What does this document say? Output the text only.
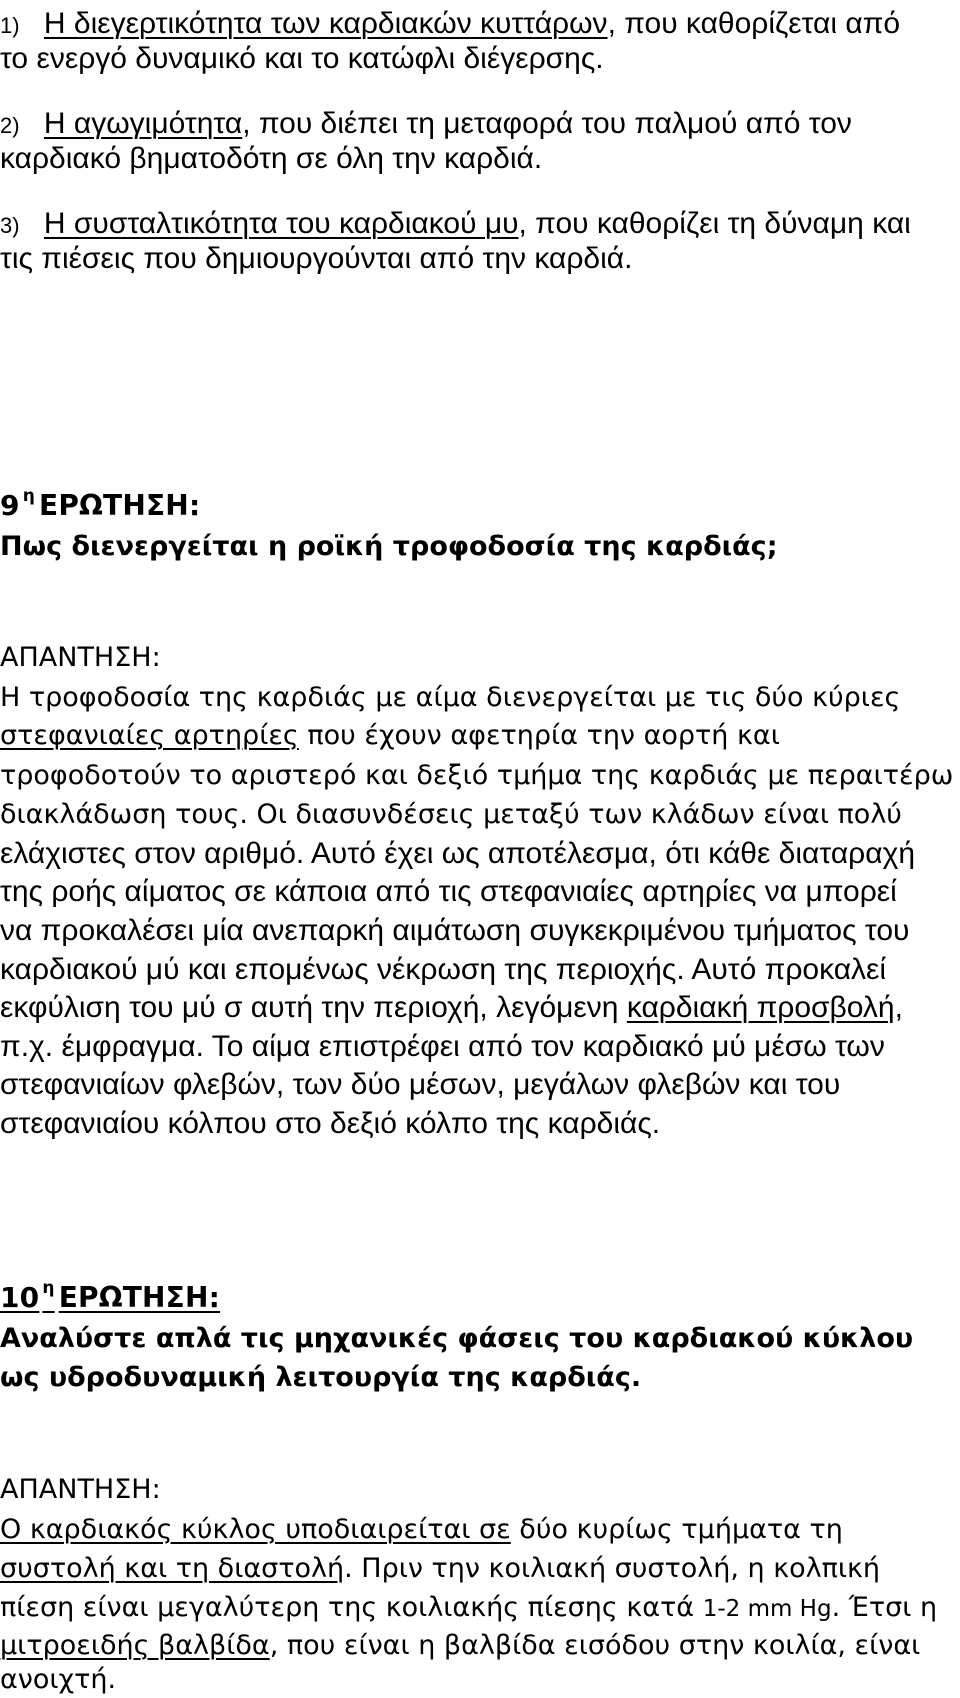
1) Η διεγερτικότητα των καρδιακών κυττάρων, που καθορίζεται από
το ενεργό δυναμικό και το κατώφλι διέγερσης.
2) Η αγωγιμότητα, που διέπει τη μεταφορά του παλμού από τον
καρδιακό βηματοδότη σε όλη την καρδιά.
3) Η συσταλτικότητα του καρδιακού μυ, που καθορίζει τη δύναμη και
τις πιέσεις που δημιουργούνται από την καρδιά.
9 $^\eta$ ΕΡΩΤΗΣΗ:
Πως διενεργείται η ροϊκή τροφοδοσία της καρδιάς;
ΑΠΑΝΤΗΣΗ:
Η τροφοδοσία της καρδιάς με αίμα διενεργείται με τις δύο κύριες
στεφανιαίες αρτηρίες που έχουν αφετηρία την αορτή και
τροφοδοτούν το αριστερό και δεξιό τμήμα της καρδιάς με περαιτέρω
διακλάδωση τους. Οι διασυνδέσεις μεταξύ των κλάδων είναι πολύ
ελάχιστες στον αριθμό. Αυτό έχει ως αποτέλεσμα, ότι κάθε διαταραχή
της ροής αίματος σε κάποια από τις στεφανιαίες αρτηρίες να μπορεί
να προκαλέσει μία ανεπαρκή αιμάτωση συγκεκριμένου τμήματος του
καρδιακού μύ και επομένως νέκρωση της περιοχής. Αυτό προκαλεί
εκφύλιση του μύ σ αυτή την περιοχή, λεγόμενη καρδιακή προσβολή,
π.χ. έμφραγμα. Το αίμα επιστρέφει από τον καρδιακό μύ μέσω των
στεφανιαίων φλεβών, των δύο μέσων, μεγάλων φλεβών και του
στεφανιαίου κόλπου στο δεξιό κόλπο της καρδιάς.
10 $^\eta$ ΕΡΩΤΗΣΗ:
Αναλύστε απλά τις μηχανικές φάσεις του καρδιακού κύκλου
ως υδροδυναμική λειτουργία της καρδιάς.
ΑΠΑΝΤΗΣΗ:
Ο καρδιακός κύκλος υποδιαιρείται σε δύο κυρίως τμήματα τη
συστολή και τη διαστολή. Πριν την κοιλιακή συστολή, η κολπική
πίεση είναι μεγαλύτερη της κοιλιακής πίεσης κατά 1-2 mm Hg. Έτσι η
μιτροειδής βαλβίδα, που είναι η βαλβίδα εισόδου στην κοιλία, είναι
ανοιχτή.
